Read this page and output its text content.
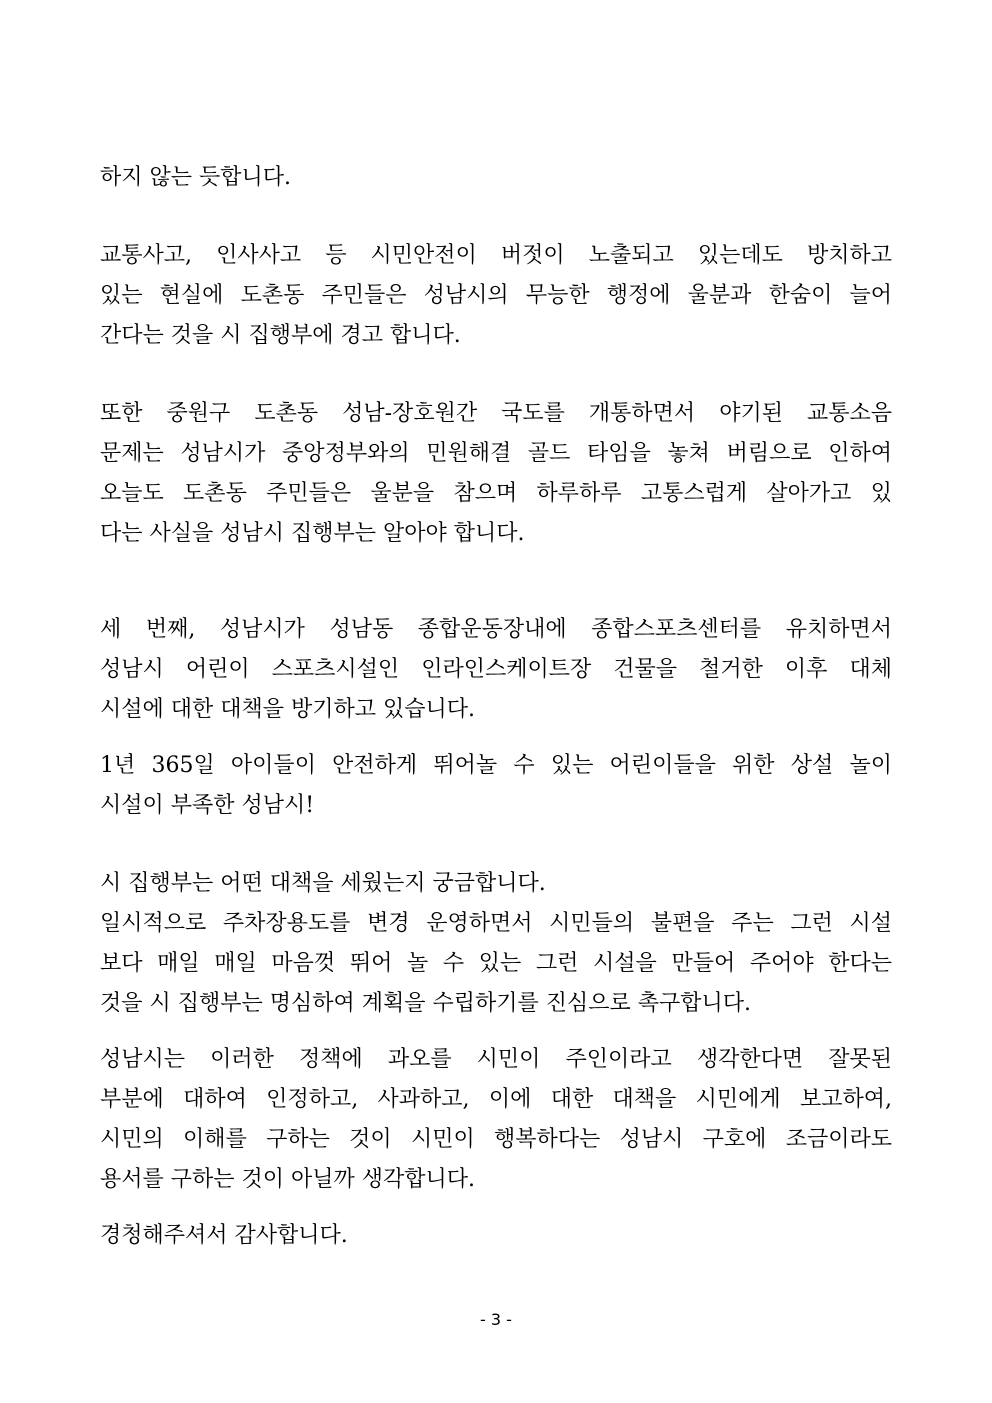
하지 않는 듯합니다.
교통사고, 인사사고 등 시민안전이 버젓이 노출되고 있는데도 방치하고
있는 현실에 도촌동 주민들은 성남시의 무능한 행정에 울분과 한숨이 늘어
간다는 것을 시 집행부에 경고 합니다.
또한 중원구 도촌동 성남-장호원간 국도를 개통하면서 야기된 교통소음
문제는 성남시가 중앙정부와의 민원해결 골드 타임을 놓쳐 버림으로 인하여
오늘도 도촌동 주민들은 울분을 참으며 하루하루 고통스럽게 살아가고 있
다는 사실을 성남시 집행부는 알아야 합니다.
세 번째, 성남시가 성남동 종합운동장내에 종합스포츠센터를 유치하면서
성남시 어린이 스포츠시설인 인라인스케이트장 건물을 철거한 이후 대체
시설에 대한 대책을 방기하고 있습니다.
1년 365일 아이들이 안전하게 뛰어놀 수 있는 어린이들을 위한 상설 놀이
시설이 부족한 성남시!
시 집행부는 어떤 대책을 세웠는지 궁금합니다.
일시적으로 주차장용도를 변경 운영하면서 시민들의 불편을 주는 그런 시설
보다 매일 매일 마음껏 뛰어 놀 수 있는 그런 시설을 만들어 주어야 한다는
것을 시 집행부는 명심하여 계획을 수립하기를 진심으로 촉구합니다.
성남시는 이러한 정책에 과오를 시민이 주인이라고 생각한다면 잘못된
부분에 대하여 인정하고, 사과하고, 이에 대한 대책을 시민에게 보고하여,
시민의 이해를 구하는 것이 시민이 행복하다는 성남시 구호에 조금이라도
용서를 구하는 것이 아닐까 생각합니다.
경청해주셔서 감사합니다.
- 3 -
